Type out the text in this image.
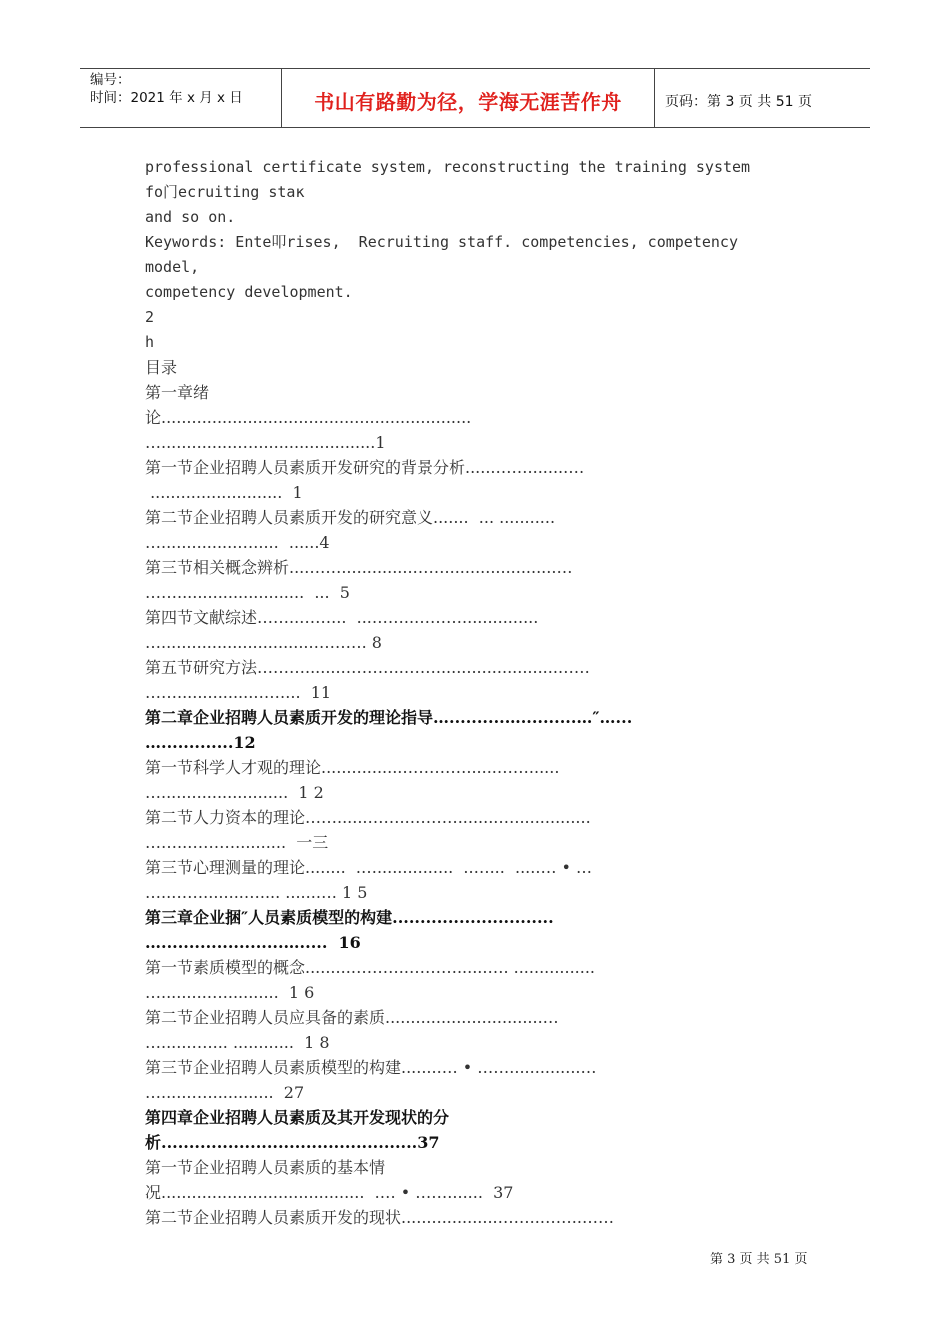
编号：
时间：2021 年 x 月 x 日	书山有路勤为径，学海无涯苦作舟	页码：第 3 页 共 51 页
professional certificate system, reconstructing the training system
fo门ecruiting staκ
and so on.
Keywords: Ente叩rises,  Recruiting staff. competencies, competency
model,
competency development.
2
h
目录
第一章绪
论.............................................................
…...............…........................1
第一节企业招聘人员素质开发研究的背景分析......……........…
..........................  1
第二节企业招聘人员素质开发的研究意义.......  ... ...........
…...............….....  ......4
第三节相关概念辨析....……..............……......................…
…….........................  ...  5
第四节文献综述……..……...  ...……..………...............
…..............................………. 8
第五节研究方法………........………..……........................……
……...............……...  11
第二章企业招聘人员素质开发的理论指导…..........…..........…″…...
….............12
第一节科学人才观的理论................…………......……......
….........................  1 2
第二节人力资本的理论……......……..………........…...............
……..………..........  一三
第三节心理测量的理论........  .…...............  ..…...  .....… • …
…..……........….... ......…. 1 5
第三章企业捆″人员素质模型的构建.............................
…......................….....  16
第一节素质模型的概念.........………..………......…. ................
….........…...........  1 6
第二节企业招聘人员应具备的素质...............................…
…......….... ............  1 8
第三节企业招聘人员素质模型的构建........… • ……..............…
…......….............  27
第四章企业招聘人员素质及其开发现状的分
析..............................................37
第一节企业招聘人员素质的基本情
况........................................  .… • …….......  37
第二节企业招聘人员素质开发的现状...................……..……..……
第 3 页 共 51 页
